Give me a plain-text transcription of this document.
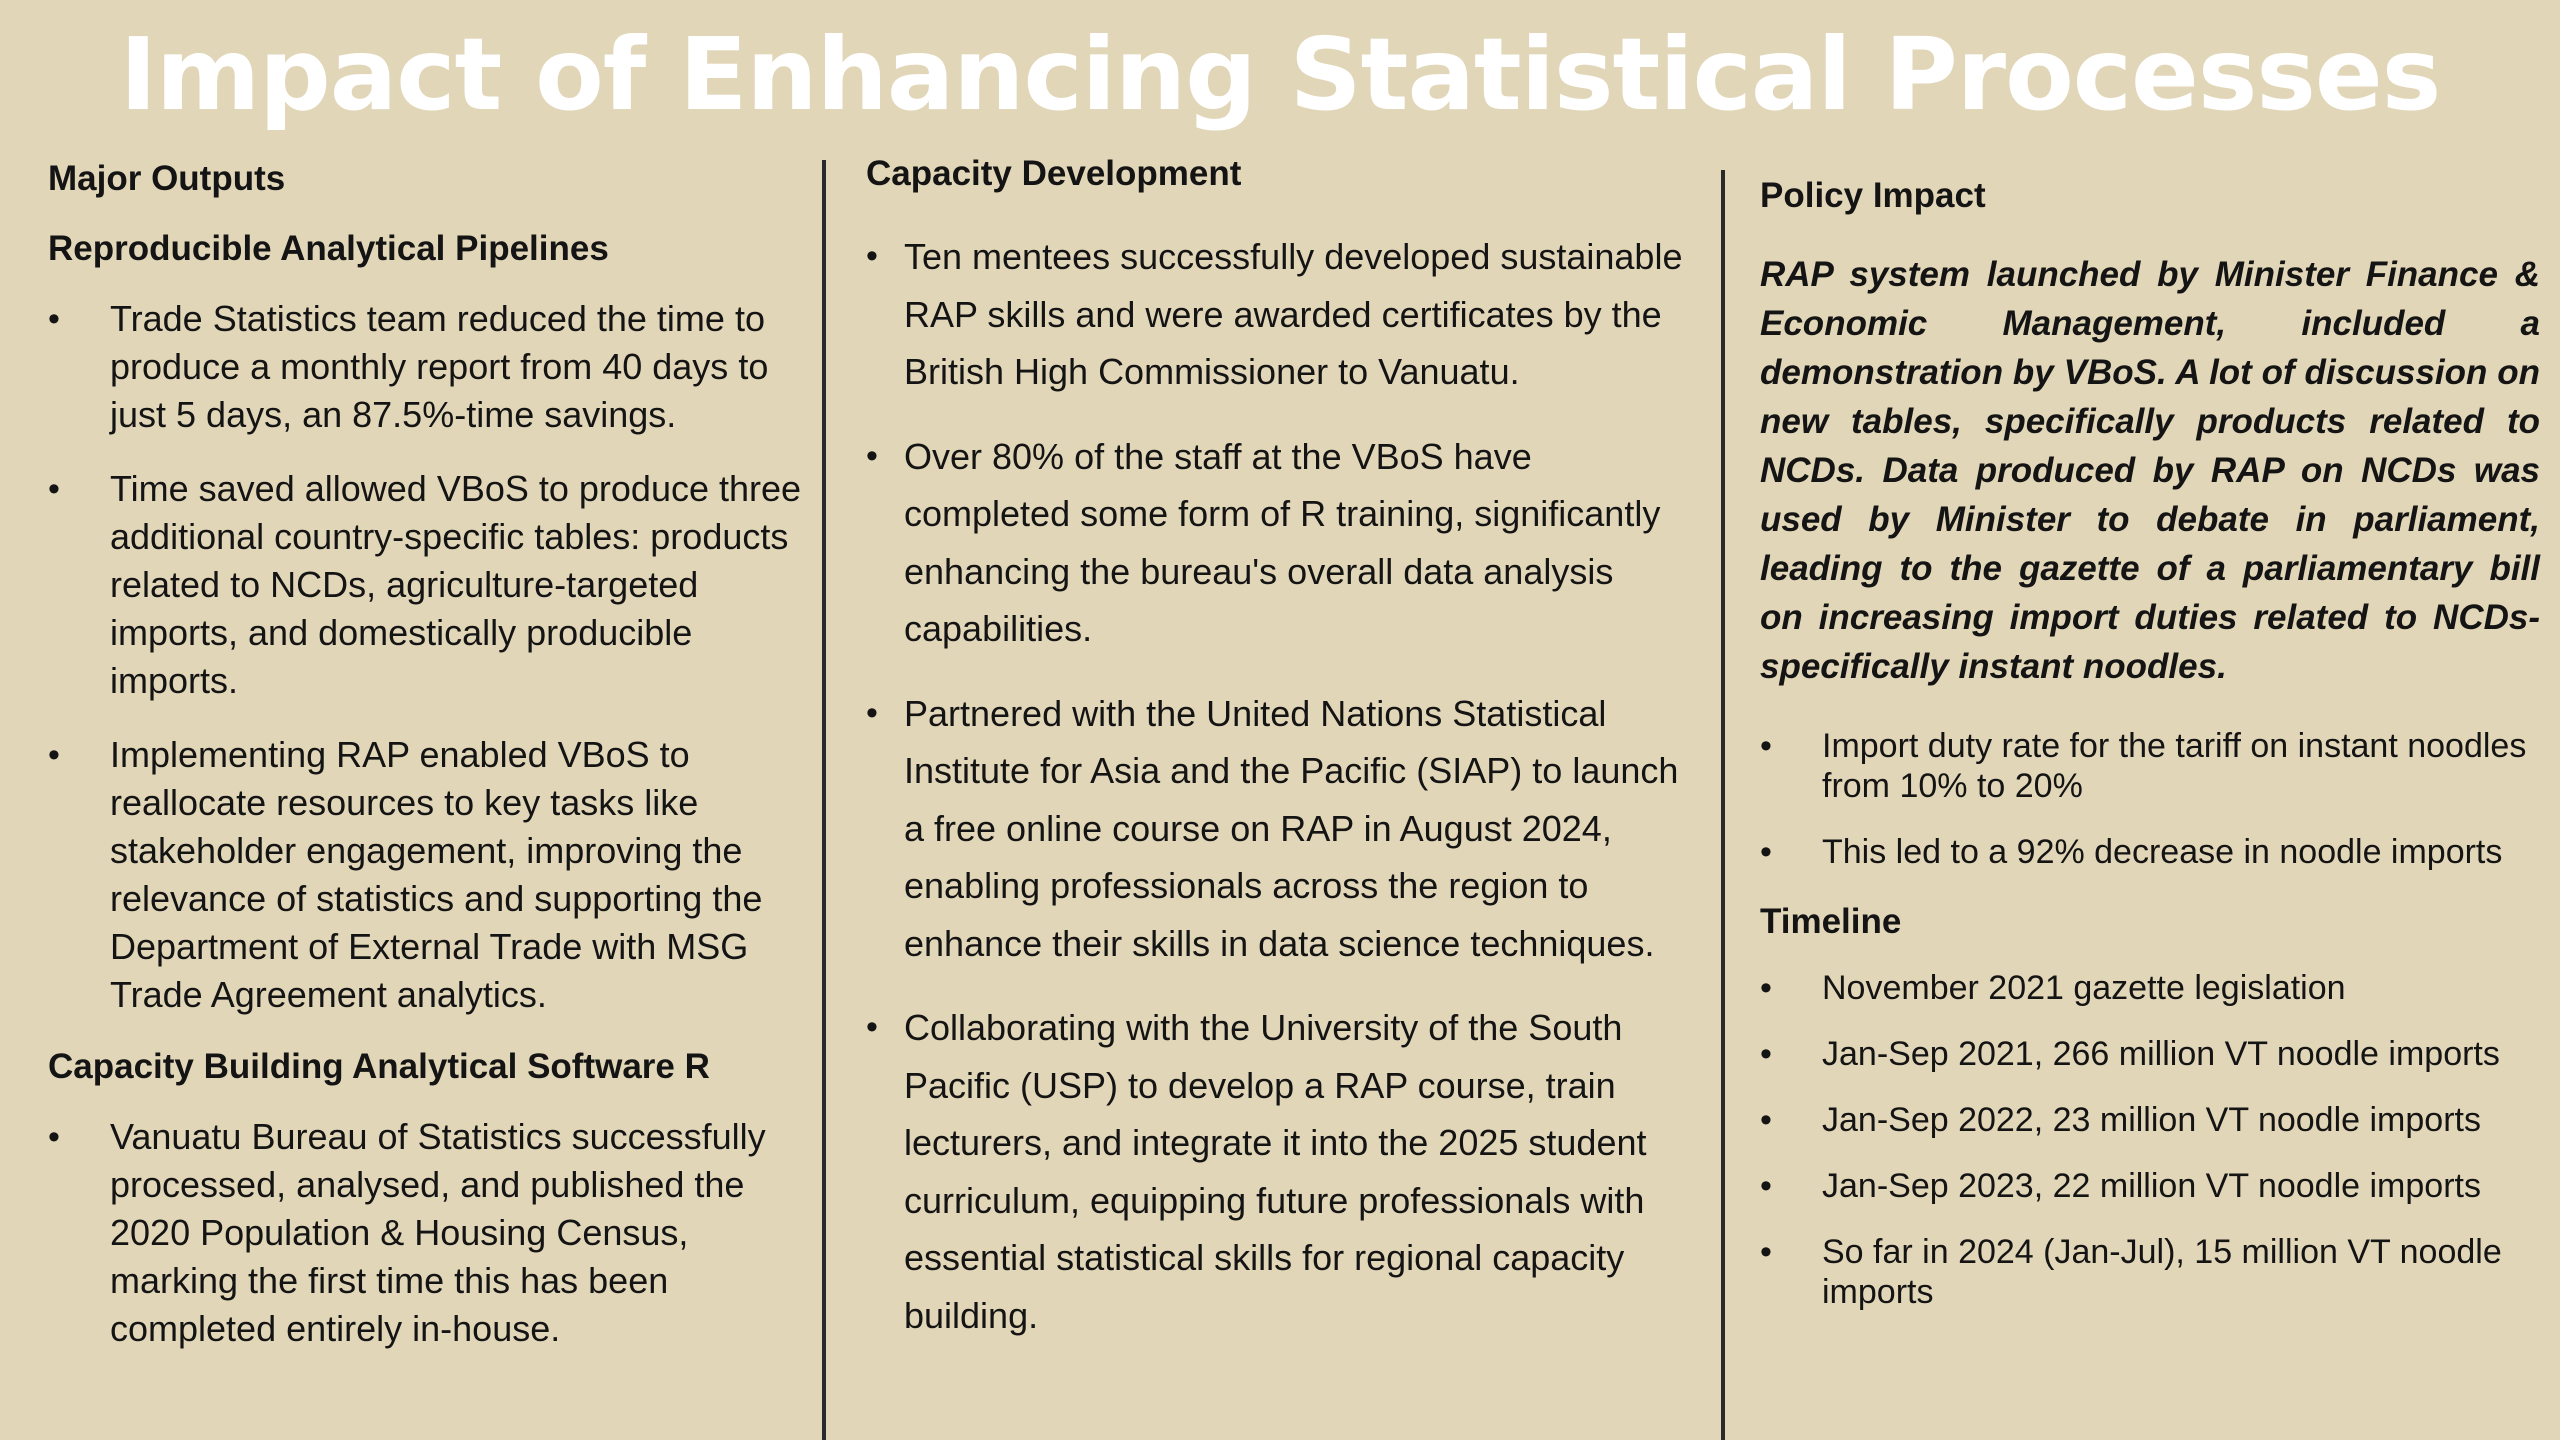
Impact of Enhancing Statistical Processes

Major Outputs

Reproducible Analytical Pipelines

• Trade Statistics team reduced the time to produce a monthly report from 40 days to just 5 days, an 87.5%-time savings.
• Time saved allowed VBoS to produce three additional country-specific tables: products related to NCDs, agriculture-targeted imports, and domestically producible imports.
• Implementing RAP enabled VBoS to reallocate resources to key tasks like stakeholder engagement, improving the relevance of statistics and supporting the Department of External Trade with MSG Trade Agreement analytics.

Capacity Building Analytical Software R

• Vanuatu Bureau of Statistics successfully processed, analysed, and published the 2020 Population & Housing Census, marking the first time this has been completed entirely in-house.

Capacity Development

• Ten mentees successfully developed sustainable RAP skills and were awarded certificates by the British High Commissioner to Vanuatu.
• Over 80% of the staff at the VBoS have completed some form of R training, significantly enhancing the bureau's overall data analysis capabilities.
• Partnered with the United Nations Statistical Institute for Asia and the Pacific (SIAP) to launch a free online course on RAP in August 2024, enabling professionals across the region to enhance their skills in data science techniques.
• Collaborating with the University of the South Pacific (USP) to develop a RAP course, train lecturers, and integrate it into the 2025 student curriculum, equipping future professionals with essential statistical skills for regional capacity building.

Policy Impact

RAP system launched by Minister Finance & Economic Management, included a demonstration by VBoS. A lot of discussion on new tables, specifically products related to NCDs. Data produced by RAP on NCDs was used by Minister to debate in parliament, leading to the gazette of a parliamentary bill on increasing import duties related to NCDs- specifically instant noodles.

• Import duty rate for the tariff on instant noodles from 10% to 20%
• This led to a 92% decrease in noodle imports

Timeline

• November 2021 gazette legislation
• Jan-Sep 2021, 266 million VT noodle imports
• Jan-Sep 2022, 23 million VT noodle imports
• Jan-Sep 2023, 22 million VT noodle imports
• So far in 2024 (Jan-Jul), 15 million VT noodle imports
